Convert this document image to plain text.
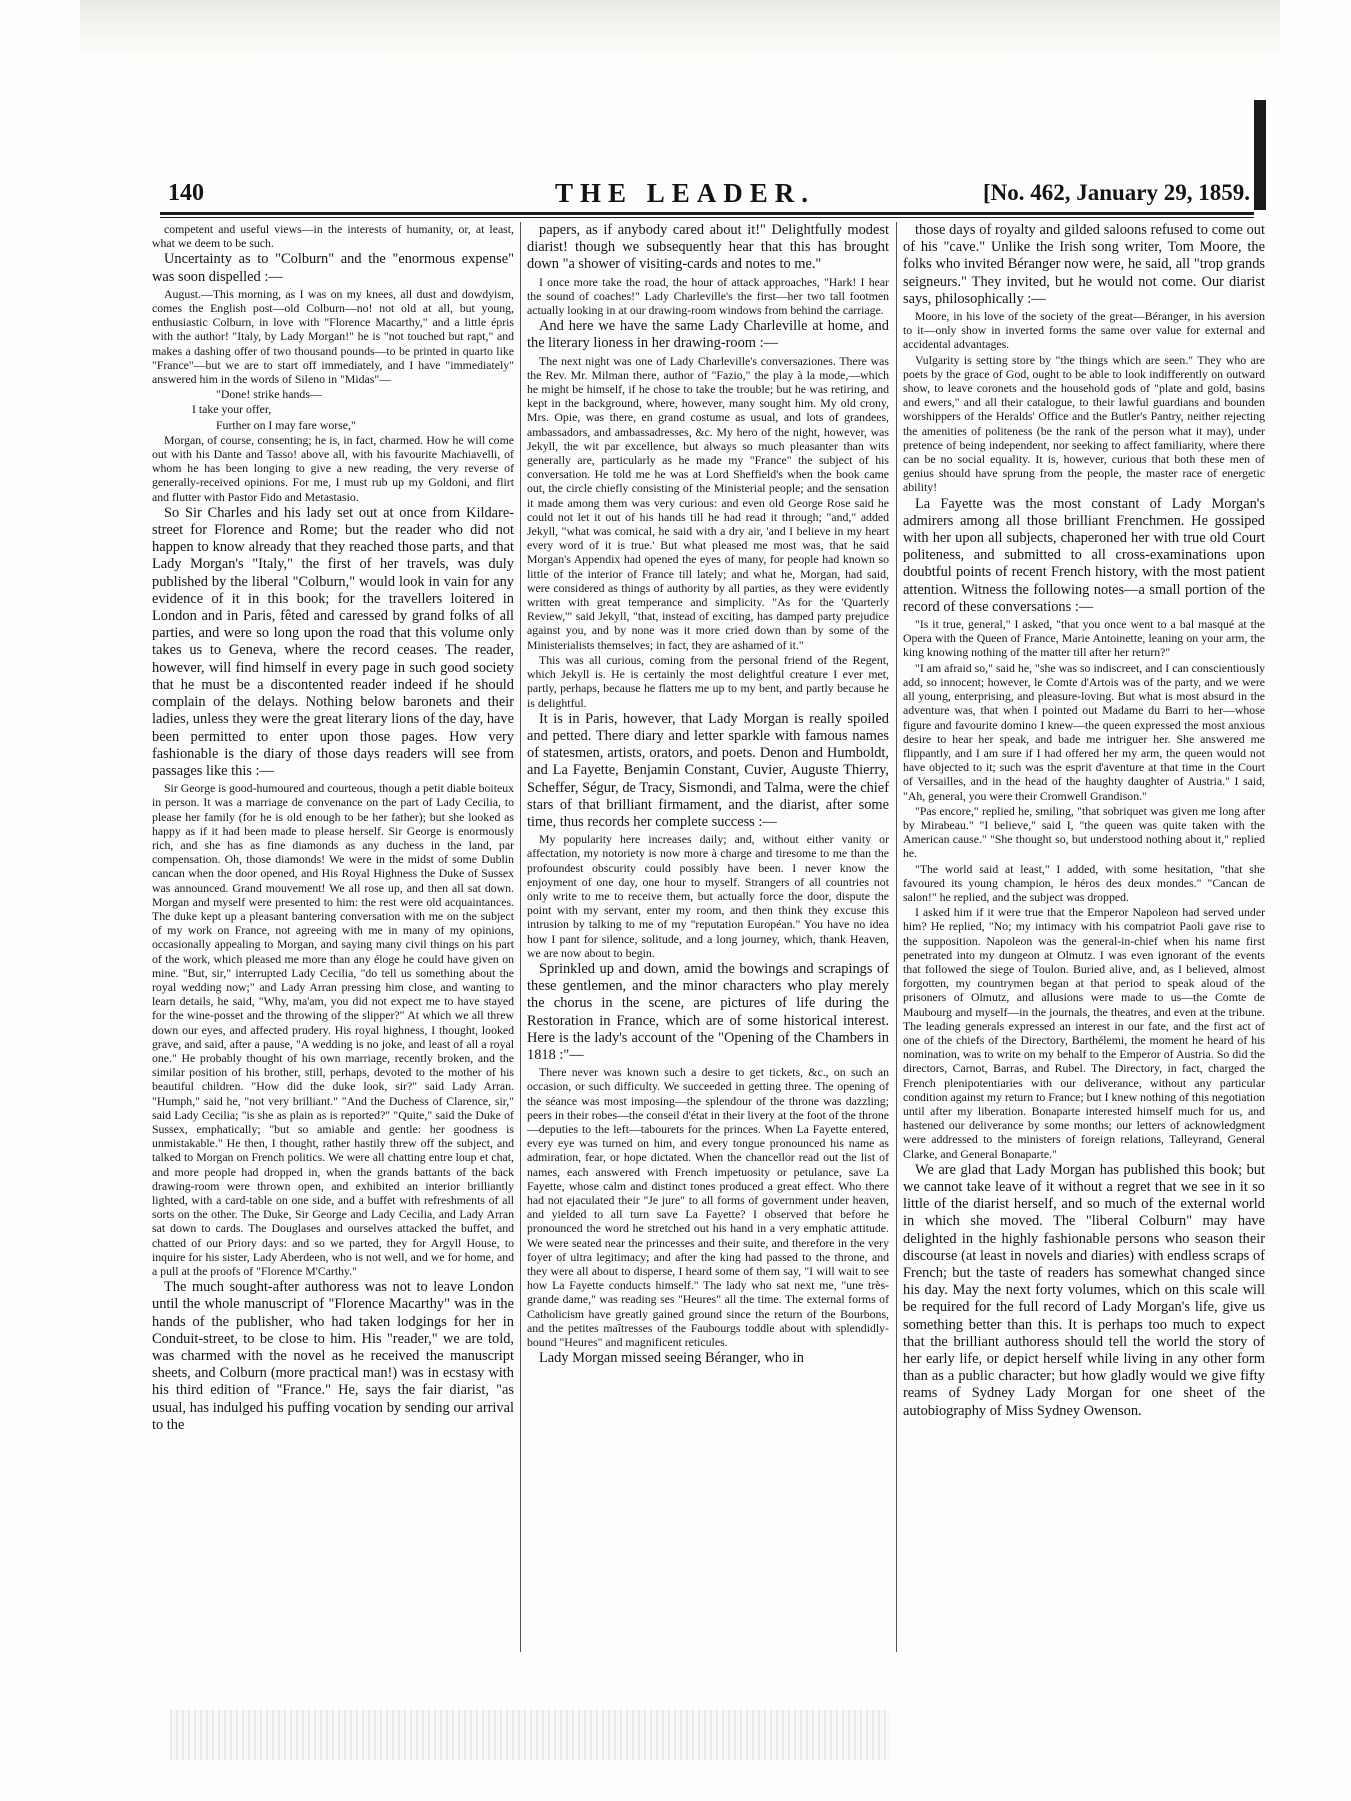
140	THE LEADER.	[No. 462, January 29, 1859.

competent and useful views—in the interests of humanity, or, at least, what we deem to be such.

Uncertainty as to "Colburn" and the "enormous expense" was soon dispelled :—

August.—This morning, as I was on my knees, all dust and dowdyism, comes the English post—old Colburn—no! not old at all, but young, enthusiastic Colburn, in love with "Florence Macarthy," and a little épris with the author! "Italy, by Lady Morgan!" he is "not touched but rapt," and makes a dashing offer of two thousand pounds—to be printed in quarto like "France"—but we are to start off immediately, and I have "immediately" answered him in the words of Sileno in "Midas"—

"Done! strike hands—

I take your offer,

Further on I may fare worse,"

Morgan, of course, consenting; he is, in fact, charmed. How he will come out with his Dante and Tasso! above all, with his favourite Machiavelli, of whom he has been longing to give a new reading, the very reverse of generally-received opinions. For me, I must rub up my Goldoni, and flirt and flutter with Pastor Fido and Metastasio.

So Sir Charles and his lady set out at once from Kildare-street for Florence and Rome; but the reader who did not happen to know already that they reached those parts, and that Lady Morgan's "Italy," the first of her travels, was duly published by the liberal "Colburn," would look in vain for any evidence of it in this book; for the travellers loitered in London and in Paris, fêted and caressed by grand folks of all parties, and were so long upon the road that this volume only takes us to Geneva, where the record ceases. The reader, however, will find himself in every page in such good society that he must be a discontented reader indeed if he should complain of the delays. Nothing below baronets and their ladies, unless they were the great literary lions of the day, have been permitted to enter upon those pages. How very fashionable is the diary of those days readers will see from passages like this :—

Sir George is good-humoured and courteous, though a petit diable boiteux in person. It was a marriage de convenance on the part of Lady Cecilia, to please her family (for he is old enough to be her father); but she looked as happy as if it had been made to please herself. Sir George is enormously rich, and she has as fine diamonds as any duchess in the land, par compensation. Oh, those diamonds! We were in the midst of some Dublin cancan when the door opened, and His Royal Highness the Duke of Sussex was announced. Grand mouvement! We all rose up, and then all sat down. Morgan and myself were presented to him: the rest were old acquaintances. The duke kept up a pleasant bantering conversation with me on the subject of my work on France, not agreeing with me in many of my opinions, occasionally appealing to Morgan, and saying many civil things on his part of the work, which pleased me more than any éloge he could have given on mine. "But, sir," interrupted Lady Cecilia, "do tell us something about the royal wedding now;" and Lady Arran pressing him close, and wanting to learn details, he said, "Why, ma'am, you did not expect me to have stayed for the wine-posset and the throwing of the slipper?" At which we all threw down our eyes, and affected prudery. His royal highness, I thought, looked grave, and said, after a pause, "A wedding is no joke, and least of all a royal one." He probably thought of his own marriage, recently broken, and the similar position of his brother, still, perhaps, devoted to the mother of his beautiful children. "How did the duke look, sir?" said Lady Arran. "Humph," said he, "not very brilliant." "And the Duchess of Clarence, sir," said Lady Cecilia; "is she as plain as is reported?" "Quite," said the Duke of Sussex, emphatically; "but so amiable and gentle: her goodness is unmistakable." He then, I thought, rather hastily threw off the subject, and talked to Morgan on French politics. We were all chatting entre loup et chat, and more people had dropped in, when the grands battants of the back drawing-room were thrown open, and exhibited an interior brilliantly lighted, with a card-table on one side, and a buffet with refreshments of all sorts on the other. The Duke, Sir George and Lady Cecilia, and Lady Arran sat down to cards. The Douglases and ourselves attacked the buffet, and chatted of our Priory days: and so we parted, they for Argyll House, to inquire for his sister, Lady Aberdeen, who is not well, and we for home, and a pull at the proofs of "Florence M'Carthy."

The much sought-after authoress was not to leave London until the whole manuscript of "Florence Macarthy" was in the hands of the publisher, who had taken lodgings for her in Conduit-street, to be close to him. His "reader," we are told, was charmed with the novel as he received the manuscript sheets, and Colburn (more practical man!) was in ecstasy with his third edition of "France." He, says the fair diarist, "as usual, has indulged his puffing vocation by sending our arrival to the

papers, as if anybody cared about it!" Delightfully modest diarist! though we subsequently hear that this has brought down "a shower of visiting-cards and notes to me."

I once more take the road, the hour of attack approaches, "Hark! I hear the sound of coaches!" Lady Charleville's the first—her two tall footmen actually looking in at our drawing-room windows from behind the carriage.

And here we have the same Lady Charleville at home, and the literary lioness in her drawing-room :—

The next night was one of Lady Charleville's conversaziones. There was the Rev. Mr. Milman there, author of "Fazio," the play à la mode,—which he might be himself, if he chose to take the trouble; but he was retiring, and kept in the background, where, however, many sought him. My old crony, Mrs. Opie, was there, en grand costume as usual, and lots of grandees, ambassadors, and ambassadresses, &c. My hero of the night, however, was Jekyll, the wit par excellence, but always so much pleasanter than wits generally are, particularly as he made my "France" the subject of his conversation. He told me he was at Lord Sheffield's when the book came out, the circle chiefly consisting of the Ministerial people; and the sensation it made among them was very curious: and even old George Rose said he could not let it out of his hands till he had read it through; "and," added Jekyll, "what was comical, he said with a dry air, 'and I believe in my heart every word of it is true.' But what pleased me most was, that he said Morgan's Appendix had opened the eyes of many, for people had known so little of the interior of France till lately; and what he, Morgan, had said, were considered as things of authority by all parties, as they were evidently written with great temperance and simplicity. "As for the 'Quarterly Review,'" said Jekyll, "that, instead of exciting, has damped party prejudice against you, and by none was it more cried down than by some of the Ministerialists themselves; in fact, they are ashamed of it."

This was all curious, coming from the personal friend of the Regent, which Jekyll is. He is certainly the most delightful creature I ever met, partly, perhaps, because he flatters me up to my bent, and partly because he is delightful.

It is in Paris, however, that Lady Morgan is really spoiled and petted. There diary and letter sparkle with famous names of statesmen, artists, orators, and poets. Denon and Humboldt, and La Fayette, Benjamin Constant, Cuvier, Auguste Thierry, Scheffer, Ségur, de Tracy, Sismondi, and Talma, were the chief stars of that brilliant firmament, and the diarist, after some time, thus records her complete success :—

My popularity here increases daily; and, without either vanity or affectation, my notoriety is now more à charge and tiresome to me than the profoundest obscurity could possibly have been. I never know the enjoyment of one day, one hour to myself. Strangers of all countries not only write to me to receive them, but actually force the door, dispute the point with my servant, enter my room, and then think they excuse this intrusion by talking to me of my "reputation Européan." You have no idea how I pant for silence, solitude, and a long journey, which, thank Heaven, we are now about to begin.

Sprinkled up and down, amid the bowings and scrapings of these gentlemen, and the minor characters who play merely the chorus in the scene, are pictures of life during the Restoration in France, which are of some historical interest. Here is the lady's account of the "Opening of the Chambers in 1818 :"—

There never was known such a desire to get tickets, &c., on such an occasion, or such difficulty. We succeeded in getting three. The opening of the séance was most imposing—the splendour of the throne was dazzling; peers in their robes—the conseil d'état in their livery at the foot of the throne—deputies to the left—tabourets for the princes. When La Fayette entered, every eye was turned on him, and every tongue pronounced his name as admiration, fear, or hope dictated. When the chancellor read out the list of names, each answered with French impetuosity or petulance, save La Fayette, whose calm and distinct tones produced a great effect. Who there had not ejaculated their "Je jure" to all forms of government under heaven, and yielded to all turn save La Fayette? I observed that before he pronounced the word he stretched out his hand in a very emphatic attitude. We were seated near the princesses and their suite, and therefore in the very foyer of ultra legitimacy; and after the king had passed to the throne, and they were all about to disperse, I heard some of them say, "I will wait to see how La Fayette conducts himself." The lady who sat next me, "une très-grande dame," was reading ses "Heures" all the time. The external forms of Catholicism have greatly gained ground since the return of the Bourbons, and the petites maîtresses of the Faubourgs toddle about with splendidly-bound "Heures" and magnificent reticules.

Lady Morgan missed seeing Béranger, who in

those days of royalty and gilded saloons refused to come out of his "cave." Unlike the Irish song writer, Tom Moore, the folks who invited Béranger now were, he said, all "trop grands seigneurs." They invited, but he would not come. Our diarist says, philosophically :—

Moore, in his love of the society of the great—Béranger, in his aversion to it—only show in inverted forms the same over value for external and accidental advantages.

Vulgarity is setting store by "the things which are seen." They who are poets by the grace of God, ought to be able to look indifferently on outward show, to leave coronets and the household gods of "plate and gold, basins and ewers," and all their catalogue, to their lawful guardians and bounden worshippers of the Heralds' Office and the Butler's Pantry, neither rejecting the amenities of politeness (be the rank of the person what it may), under pretence of being independent, nor seeking to affect familiarity, where there can be no social equality. It is, however, curious that both these men of genius should have sprung from the people, the master race of energetic ability!

La Fayette was the most constant of Lady Morgan's admirers among all those brilliant Frenchmen. He gossiped with her upon all subjects, chaperoned her with true old Court politeness, and submitted to all cross-examinations upon doubtful points of recent French history, with the most patient attention. Witness the following notes—a small portion of the record of these conversations :—

"Is it true, general," I asked, "that you once went to a bal masqué at the Opera with the Queen of France, Marie Antoinette, leaning on your arm, the king knowing nothing of the matter till after her return?"

"I am afraid so," said he, "she was so indiscreet, and I can conscientiously add, so innocent; however, le Comte d'Artois was of the party, and we were all young, enterprising, and pleasure-loving. But what is most absurd in the adventure was, that when I pointed out Madame du Barri to her—whose figure and favourite domino I knew—the queen expressed the most anxious desire to hear her speak, and bade me intriguer her. She answered me flippantly, and I am sure if I had offered her my arm, the queen would not have objected to it; such was the esprit d'aventure at that time in the Court of Versailles, and in the head of the haughty daughter of Austria." I said, "Ah, general, you were their Cromwell Grandison."

"Pas encore," replied he, smiling, "that sobriquet was given me long after by Mirabeau." "I believe," said I, "the queen was quite taken with the American cause." "She thought so, but understood nothing about it," replied he.

"The world said at least," I added, with some hesitation, "that she favoured its young champion, le héros des deux mondes." "Cancan de salon!" he replied, and the subject was dropped.

I asked him if it were true that the Emperor Napoleon had served under him? He replied, "No; my intimacy with his compatriot Paoli gave rise to the supposition. Napoleon was the general-in-chief when his name first penetrated into my dungeon at Olmutz. I was even ignorant of the events that followed the siege of Toulon. Buried alive, and, as I believed, almost forgotten, my countrymen began at that period to speak aloud of the prisoners of Olmutz, and allusions were made to us—the Comte de Maubourg and myself—in the journals, the theatres, and even at the tribune. The leading generals expressed an interest in our fate, and the first act of one of the chiefs of the Directory, Barthélemi, the moment he heard of his nomination, was to write on my behalf to the Emperor of Austria. So did the directors, Carnot, Barras, and Rubel. The Directory, in fact, charged the French plenipotentiaries with our deliverance, without any particular condition against my return to France; but I knew nothing of this negotiation until after my liberation. Bonaparte interested himself much for us, and hastened our deliverance by some months; our letters of acknowledgment were addressed to the ministers of foreign relations, Talleyrand, General Clarke, and General Bonaparte."

We are glad that Lady Morgan has published this book; but we cannot take leave of it without a regret that we see in it so little of the diarist herself, and so much of the external world in which she moved. The "liberal Colburn" may have delighted in the highly fashionable persons who season their discourse (at least in novels and diaries) with endless scraps of French; but the taste of readers has somewhat changed since his day. May the next forty volumes, which on this scale will be required for the full record of Lady Morgan's life, give us something better than this. It is perhaps too much to expect that the brilliant authoress should tell the world the story of her early life, or depict herself while living in any other form than as a public character; but how gladly would we give fifty reams of Sydney Lady Morgan for one sheet of the autobiography of Miss Sydney Owenson.
